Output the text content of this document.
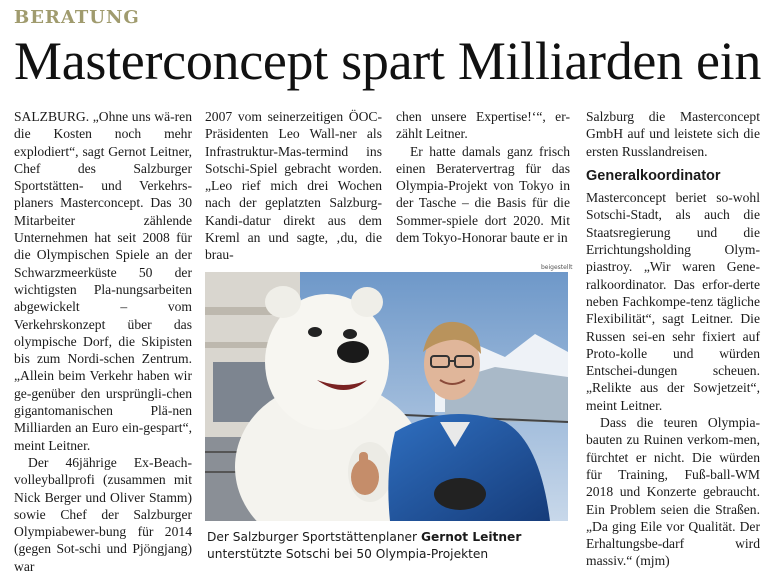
BERATUNG
Masterconcept spart Milliarden ein

SALZBURG. „Ohne uns wä-ren die Kosten noch mehr explodiert“, sagt Gernot Leitner, Chef des Salzburger Sportstätten- und Verkehrs-planers Masterconcept. Das 30 Mitarbeiter zählende Unternehmen hat seit 2008 für die Olympischen Spiele an der Schwarzmeerküste 50 der wichtigsten Pla-nungsarbeiten abgewickelt – vom Verkehrskonzept über das olympische Dorf, die Skipisten bis zum Nordi-schen Zentrum. „Allein beim Verkehr haben wir ge-genüber den ursprüngli-chen gigantomanischen Plä-nen Milliarden an Euro ein-gespart“, meint Leitner.

Der 46jährige Ex-Beach-volleyballprofi (zusammen mit Nick Berger und Oliver Stamm) sowie Chef der Salzburger Olympiabewer-bung für 2014 (gegen Sot-schi und Pjöngjang) war

2007 vom seinerzeitigen ÖOC-Präsidenten Leo Wall-ner als Infrastruktur-Mas-termind ins Sotschi-Spiel gebracht worden. „Leo rief mich drei Wochen nach der geplatzten Salzburg-Kandi-datur direkt aus dem Kreml an und sagte, ‚du, die brau-

chen unsere Expertise!‘“, er-zählt Leitner.

Er hatte damals ganz frisch einen Beratervertrag für das Olympia-Projekt von Tokyo in der Tasche – die Basis für die Sommer-spiele dort 2020. Mit dem Tokyo-Honorar baute er in

Salzburg die Masterconcept GmbH auf und leistete sich die ersten Russlandreisen.

Generalkoordinator

Masterconcept beriet so-wohl Sotschi-Stadt, als auch die Staatsregierung und die Errichtungsholding Olym-piastroy. „Wir waren Gene-ralkoordinator. Das erfor-derte neben Fachkompe-tenz tägliche Flexibilität“, sagt Leitner. Die Russen sei-en sehr fixiert auf Proto-kolle und würden Entschei-dungen scheuen. „Relikte aus der Sowjetzeit“, meint Leitner.

Dass die teuren Olympia-bauten zu Ruinen verkom-men, fürchtet er nicht. Die würden für Training, Fuß-ball-WM 2018 und Konzerte gebraucht. Ein Problem seien die Straßen. „Da ging Eile vor Qualität. Der Erhaltungsbe-darf wird massiv.“ (mjm)

beigestellt
Der Salzburger Sportstättenplaner Gernot Leitner
unterstützte Sotschi bei 50 Olympia-Projekten
